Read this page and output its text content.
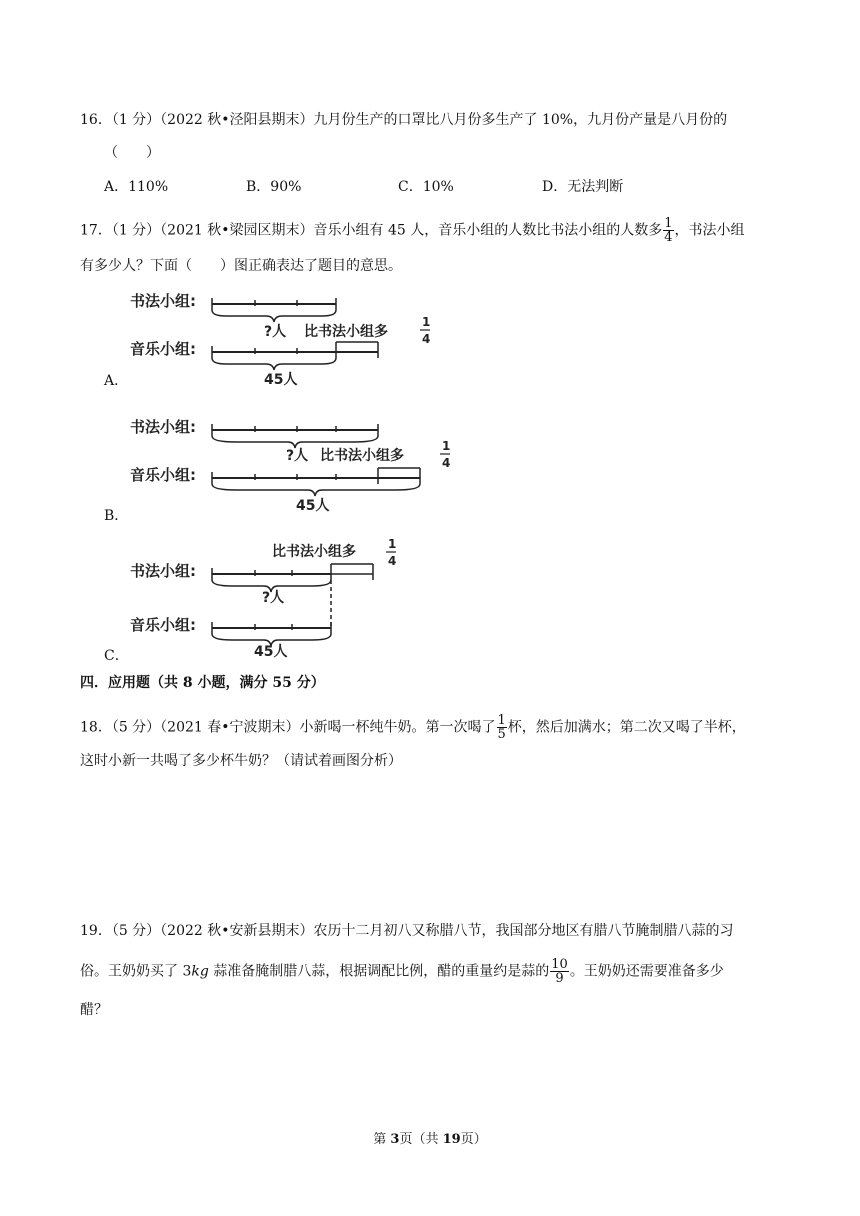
16．（1 分）（2022 秋•泾阳县期末）九月份生产的口罩比八月份多生产了 10%，九月份产量是八月份的
（　　）
A．110%	B．90%	C．10%	D．无法判断
17．（1 分）（2021 秋•梁园区期末）音乐小组有 45 人，音乐小组的人数比书法小组的人数多 $\frac{1}{4}$ ，书法小组
有多少人？下面（　　）图正确表达了题目的意思。
书法小组:
?人 比书法小组多
1
4
音乐小组:
45人
A．
书法小组:
?人 比书法小组多
1
4
音乐小组:
45人
B．
比书法小组多	1
4
书法小组:
?人
音乐小组:
45人
C．
四．应用题（共 8 小题，满分 55 分）
18．（5 分）（2021 春•宁波期末）小新喝一杯纯牛奶。第一次喝了 $\frac{1}{5}$ 杯，然后加满水；第二次又喝了半杯，
这时小新一共喝了多少杯牛奶？（请试着画图分析）
19．（5 分）（2022 秋•安新县期末）农历十二月初八又称腊八节，我国部分地区有腊八节腌制腊八蒜的习
俗。王奶奶买了 3kg 蒜准备腌制腊八蒜，根据调配比例，醋的重量约是蒜的 $\frac{10}{9}$ 。王奶奶还需要准备多少
醋？
第 3页（共 19页）
